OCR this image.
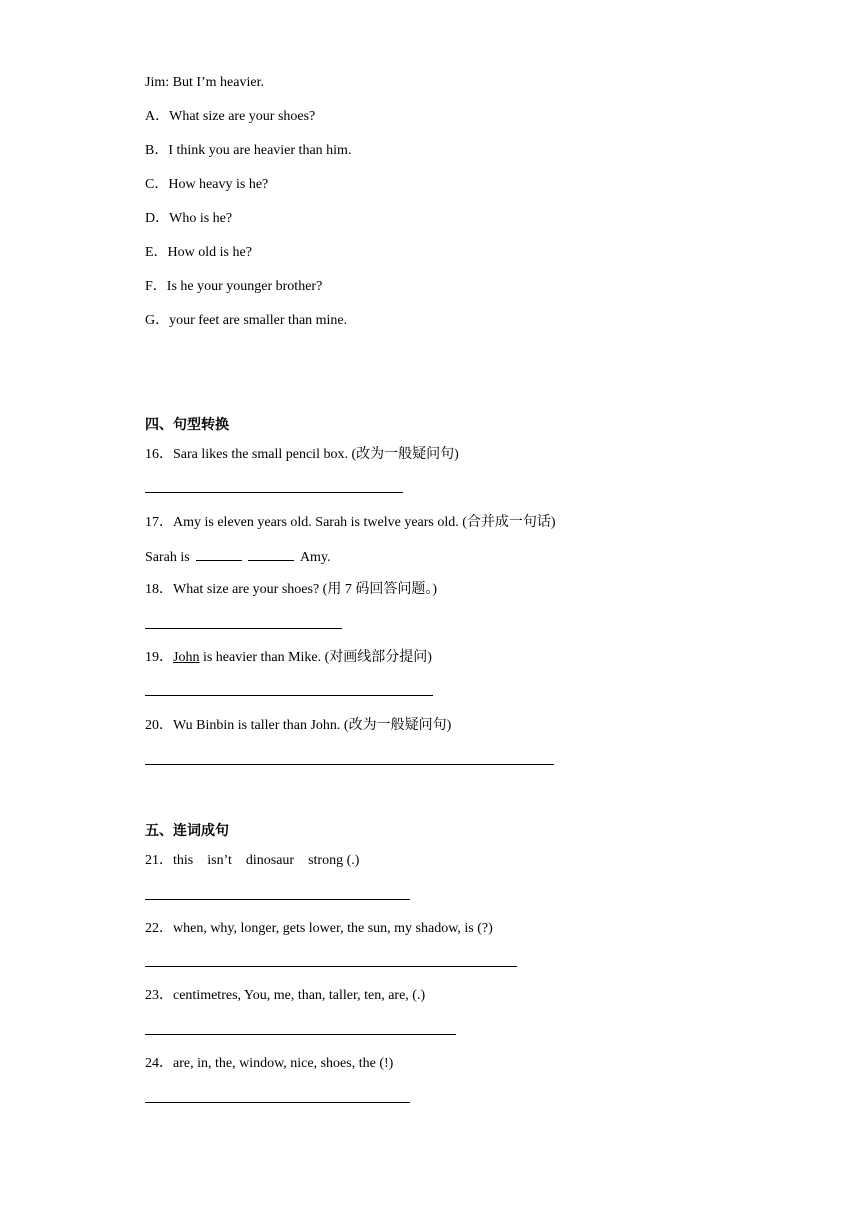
Jim: But I’m heavier.
A．What size are your shoes?
B．I think you are heavier than him.
C．How heavy is he?
D．Who is he?
E．How old is he?
F．Is he your younger brother?
G．your feet are smaller than mine.
四、句型转换
16．Sara likes the small pencil box. (改为一般疑问句)
17．Amy is eleven years old. Sarah is twelve years old. (合并成一句话)
Sarah is	Amy.
18．What size are your shoes? (用 7 码回答问题。)
19．John is heavier than Mike. (对画线部分提问)
20．Wu Binbin is taller than John. (改为一般疑问句)
五、连词成句
21．this    isn’t    dinosaur    strong (.)
22．when, why, longer, gets lower, the sun, my shadow, is (?)
23．centimetres, You, me, than, taller, ten, are, (.)
24．are, in, the, window, nice, shoes, the (!)
